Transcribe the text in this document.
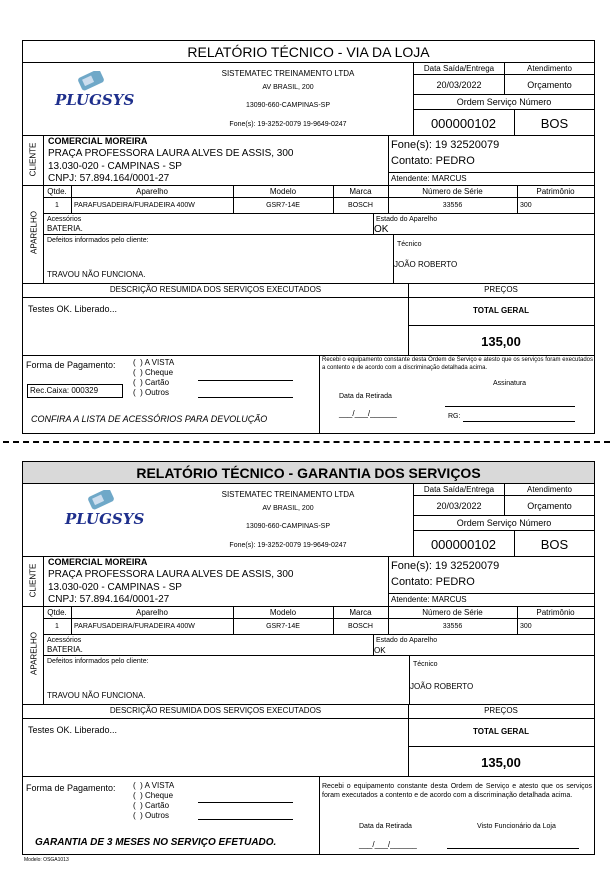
RELATÓRIO TÉCNICO - VIA DA LOJA
PLUGSYS
SISTEMATEC TREINAMENTO LTDA
AV BRASIL, 200
13090-660-CAMPINAS-SP
Fone(s): 19-3252-0079 19-9649-0247
Data Saída/Entrega	Atendimento
20/03/2022	Orçamento
Ordem Serviço Número
000000102	BOS
CLIENTE
COMERCIAL MOREIRA
PRAÇA PROFESSORA LAURA ALVES DE ASSIS, 300
13.030-020 - CAMPINAS - SP
CNPJ: 57.894.164/0001-27
Fone(s): 19 32520079
Contato: PEDRO
Atendente: MARCUS
APARELHO
Qtde.	Aparelho	Modelo	Marca	Número de Série	Patrimônio
1	PARAFUSADEIRA/FURADEIRA 400W	GSR7-14E	BOSCH	33556	300
Acessórios
BATERIA.
Estado do Aparelho
OK
Defeitos informados pelo cliente:
TRAVOU NÃO FUNCIONA.
Técnico
JOÃO ROBERTO
DESCRIÇÃO RESUMIDA DOS SERVIÇOS EXECUTADOS	PREÇOS
Testes OK. Liberado...	TOTAL GERAL
135,00
Forma de Pagamento: (  ) A VISTA
(  ) Cheque
(  ) Cartão
(  ) Outros
Rec.Caixa: 000329
CONFIRA A LISTA DE ACESSÓRIOS PARA DEVOLUÇÃO
Recebi o equipamento constante desta Ordem de Serviço e atesto que os serviços foram executados a contento e de acordo com a discriminação detalhada acima.
Assinatura
Data da Retirada
___/___/______	RG:
RELATÓRIO TÉCNICO - GARANTIA DOS SERVIÇOS
PLUGSYS
SISTEMATEC TREINAMENTO LTDA
AV BRASIL, 200
13090-660-CAMPINAS-SP
Fone(s): 19-3252-0079 19-9649-0247
Data Saída/Entrega	Atendimento
20/03/2022	Orçamento
Ordem Serviço Número
000000102	BOS
CLIENTE
COMERCIAL MOREIRA
PRAÇA PROFESSORA LAURA ALVES DE ASSIS, 300
13.030-020 - CAMPINAS - SP
CNPJ: 57.894.164/0001-27
Fone(s): 19 32520079
Contato: PEDRO
Atendente: MARCUS
APARELHO
Qtde.	Aparelho	Modelo	Marca	Número de Série	Patrimônio
1	PARAFUSADEIRA/FURADEIRA 400W	GSR7-14E	BOSCH	33556	300
Acessórios
BATERIA.
Estado do Aparelho
OK
Defeitos informados pelo cliente:
TRAVOU NÃO FUNCIONA.
Técnico
JOÃO ROBERTO
DESCRIÇÃO RESUMIDA DOS SERVIÇOS EXECUTADOS	PREÇOS
Testes OK. Liberado...	TOTAL GERAL
135,00
Forma de Pagamento: (  ) A VISTA
(  ) Cheque
(  ) Cartão
(  ) Outros
GARANTIA DE 3 MESES NO SERVIÇO EFETUADO.
Recebi o equipamento constante desta Ordem de Serviço e atesto que os serviços foram executados a contento e de acordo com a discriminação detalhada acima.
Data da Retirada	Visto Funcionário da Loja
___/___/______
Modelo: OSGA1013
